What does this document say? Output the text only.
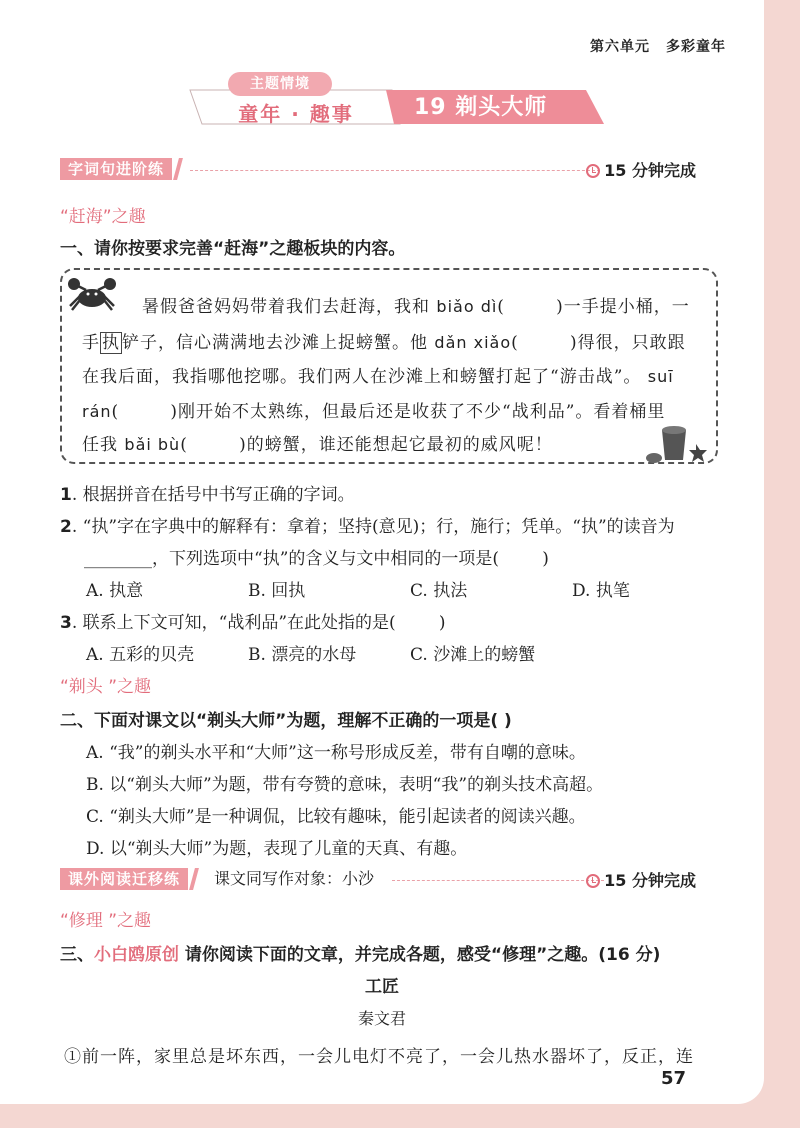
第六单元 多彩童年
主题情境
童年 · 趣事	19 剃头大师
字词句进阶练	15 分钟完成
“赶海”之趣
一、请你按要求完善“赶海”之趣板块的内容。
暑假爸爸妈妈带着我们去赶海，我和 biǎo dì(        )一手提小桶，一
手 执 铲子，信心满满地去沙滩上捉螃蟹。他 dǎn xiǎo(        )得很，只敢跟
在我后面，我指哪他挖哪。我们两人在沙滩上和螃蟹打起了“游击战”。 suī
rán(        )刚开始不太熟练，但最后还是收获了不少“战利品”。看着桶里
任我 bǎi bù(        )的螃蟹，谁还能想起它最初的威风呢！
1. 根据拼音在括号中书写正确的字词。
2. “执”字在字典中的解释有：拿着；坚持(意见)；行，施行；凭单。“执”的读音为
________，下列选项中“执”的含义与文中相同的一项是(        )
A. 执意	B. 回执	C. 执法	D. 执笔
3. 联系上下文可知，“战利品”在此处指的是(        )
A. 五彩的贝壳	B. 漂亮的水母	C. 沙滩上的螃蟹
“剃头 ”之趣
二、下面对课文以“剃头大师”为题，理解不正确的一项是( )
A. “我”的剃头水平和“大师”这一称号形成反差，带有自嘲的意味。
B. 以“剃头大师”为题，带有夸赞的意味，表明“我”的剃头技术高超。
C. “剃头大师”是一种调侃，比较有趣味，能引起读者的阅读兴趣。
D. 以“剃头大师”为题，表现了儿童的天真、有趣。
课外阅读迁移练	课文同写作对象：小沙	15 分钟完成
“修理 ”之趣
三、小白鸥原创 请你阅读下面的文章，并完成各题，感受“修理”之趣。(16 分)
工匠
秦文君
①前一阵，家里总是坏东西，一会儿电灯不亮了，一会儿热水器坏了，反正，连
57
